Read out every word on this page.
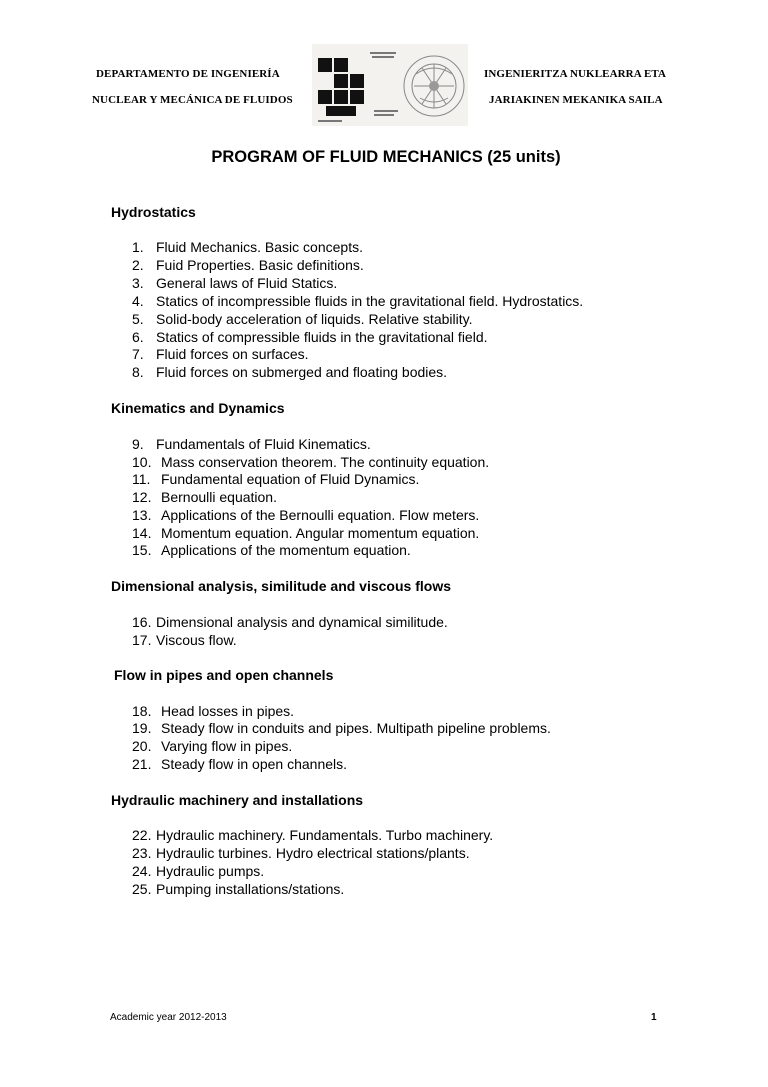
DEPARTAMENTO DE INGENIERÍA
NUCLEAR Y MECÁNICA DE FLUIDOS
INGENIERITZA NUKLEARRA ETA
JARIAKINEN MEKANIKA SAILA
PROGRAM OF FLUID MECHANICS (25 units)
Hydrostatics
1. Fluid Mechanics. Basic concepts.
2. Fuid Properties. Basic definitions.
3. General laws of Fluid Statics.
4. Statics of incompressible fluids in the gravitational field. Hydrostatics.
5. Solid-body acceleration of liquids. Relative stability.
6. Statics of compressible fluids in the gravitational field.
7. Fluid forces on surfaces.
8. Fluid forces on submerged and floating bodies.
Kinematics and Dynamics
9. Fundamentals of Fluid Kinematics.
10. Mass conservation theorem. The continuity equation.
11. Fundamental equation of Fluid Dynamics.
12. Bernoulli equation.
13. Applications of the Bernoulli equation. Flow meters.
14. Momentum equation. Angular momentum equation.
15. Applications of the momentum equation.
Dimensional analysis, similitude and viscous flows
16. Dimensional analysis and dynamical similitude.
17. Viscous flow.
Flow in pipes and open channels
18. Head losses in pipes.
19. Steady flow in conduits and pipes. Multipath pipeline problems.
20. Varying flow in pipes.
21. Steady flow in open channels.
Hydraulic machinery and installations
22. Hydraulic machinery. Fundamentals. Turbo machinery.
23. Hydraulic turbines. Hydro electrical stations/plants.
24. Hydraulic pumps.
25. Pumping installations/stations.
Academic year 2012-2013	1
